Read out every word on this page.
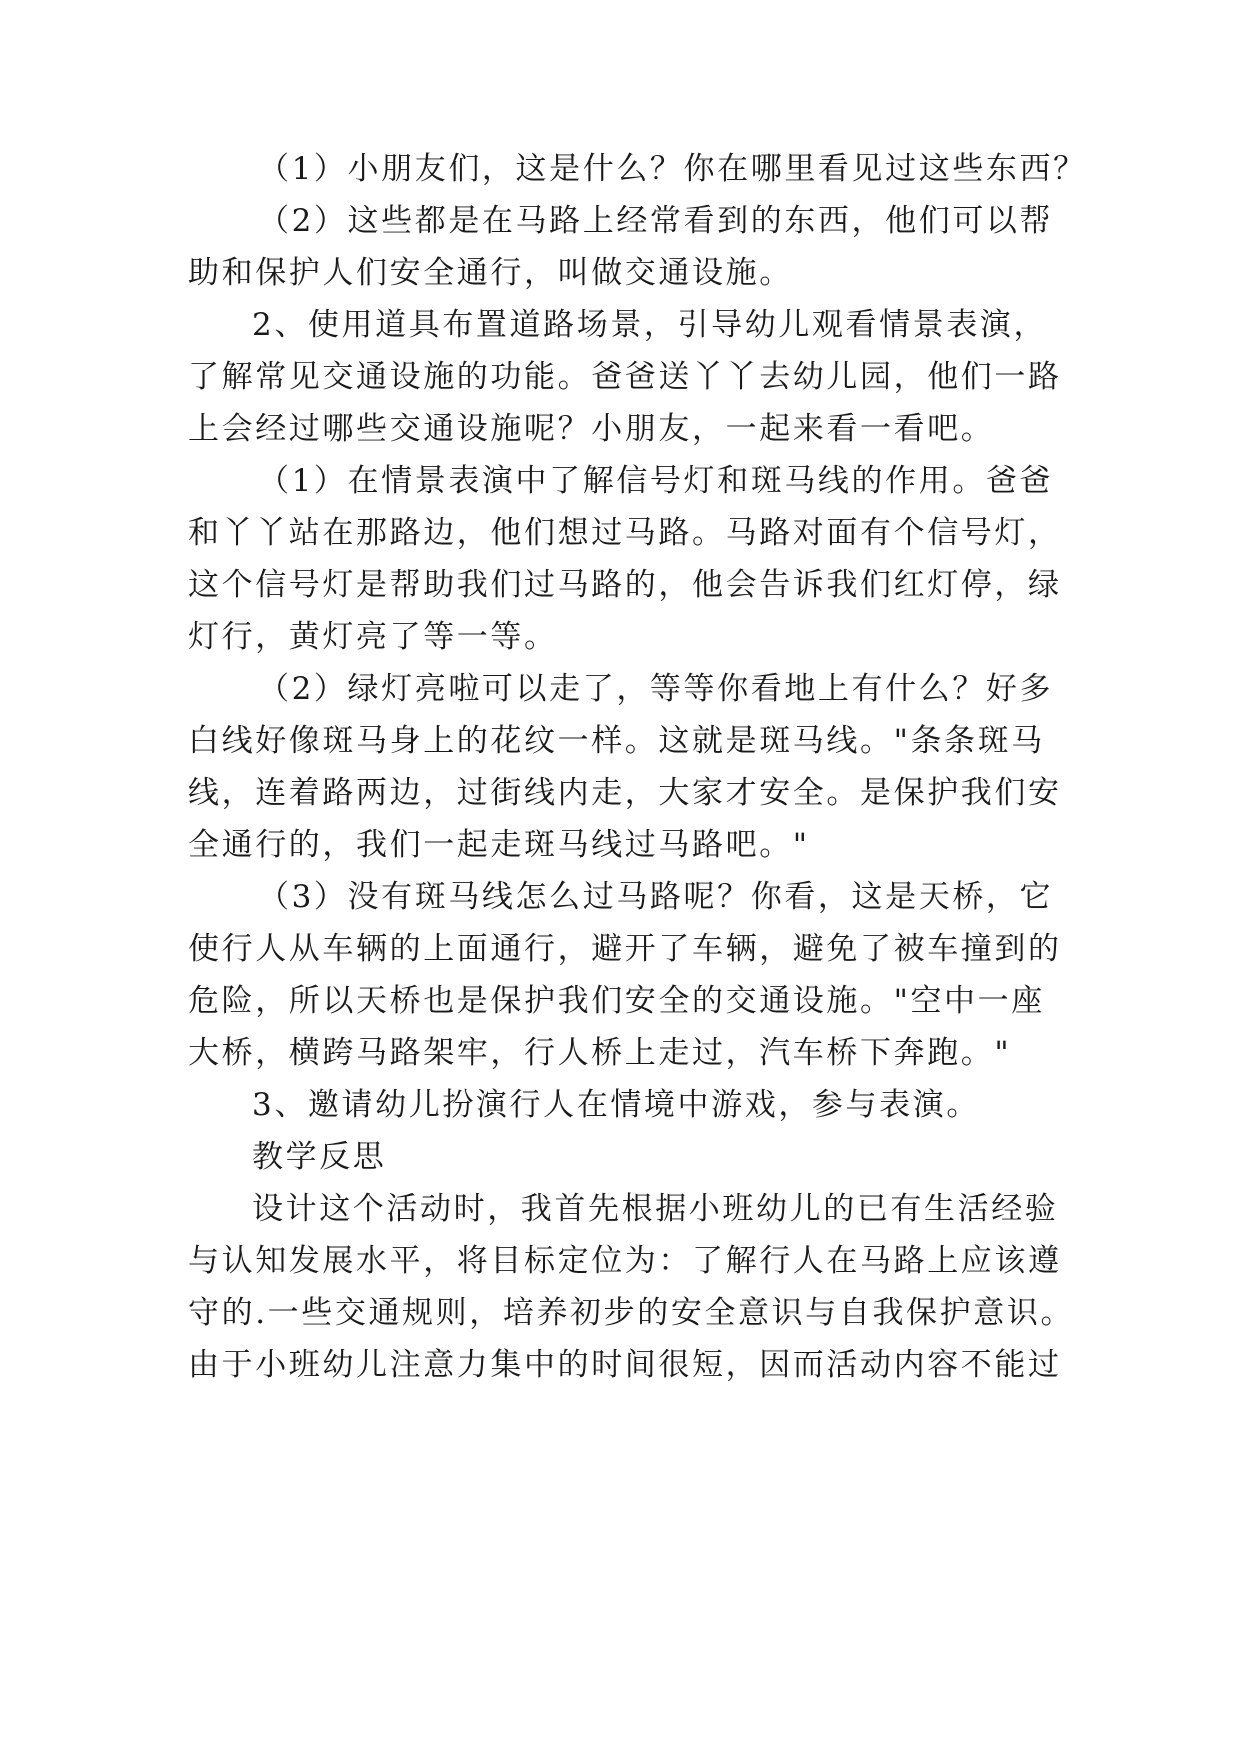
（1）小朋友们，这是什么？你在哪里看见过这些东西？
（2）这些都是在马路上经常看到的东西，他们可以帮
助和保护人们安全通行，叫做交通设施。
2、使用道具布置道路场景，引导幼儿观看情景表演，
了解常见交通设施的功能。爸爸送丫丫去幼儿园，他们一路
上会经过哪些交通设施呢？小朋友，一起来看一看吧。
（1）在情景表演中了解信号灯和斑马线的作用。爸爸
和丫丫站在那路边，他们想过马路。马路对面有个信号灯，
这个信号灯是帮助我们过马路的，他会告诉我们红灯停，绿
灯行，黄灯亮了等一等。
（2）绿灯亮啦可以走了，等等你看地上有什么？好多
白线好像斑马身上的花纹一样。这就是斑马线。"条条斑马
线，连着路两边，过街线内走，大家才安全。是保护我们安
全通行的，我们一起走斑马线过马路吧。"
（3）没有斑马线怎么过马路呢？你看，这是天桥，它
使行人从车辆的上面通行，避开了车辆，避免了被车撞到的
危险，所以天桥也是保护我们安全的交通设施。"空中一座
大桥，横跨马路架牢，行人桥上走过，汽车桥下奔跑。"
3、邀请幼儿扮演行人在情境中游戏，参与表演。
教学反思
设计这个活动时，我首先根据小班幼儿的已有生活经验
与认知发展水平，将目标定位为：了解行人在马路上应该遵
守的.一些交通规则，培养初步的安全意识与自我保护意识。
由于小班幼儿注意力集中的时间很短，因而活动内容不能过
